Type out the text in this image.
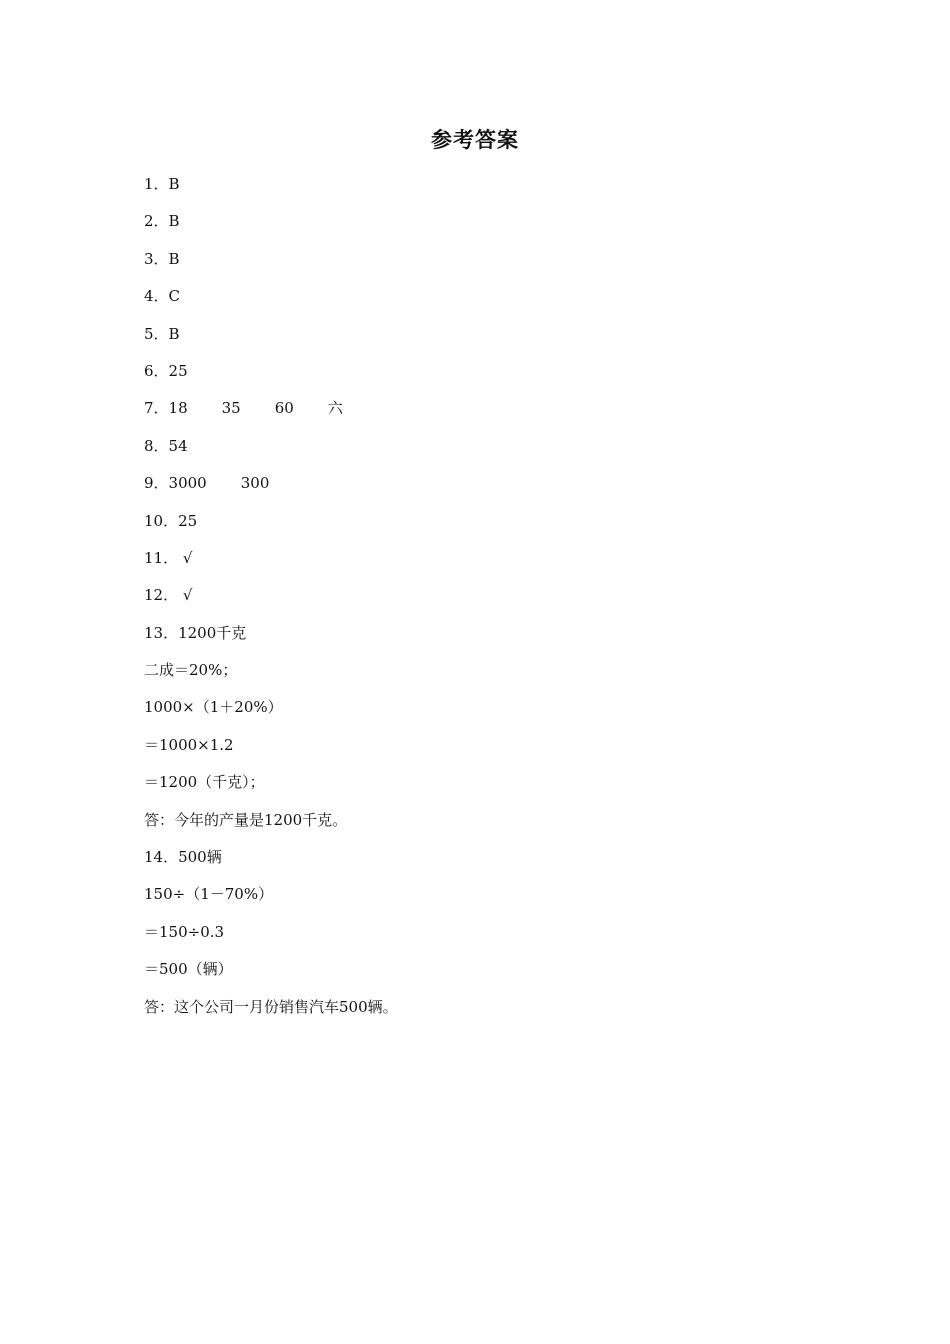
参考答案
1．B
2．B
3．B
4．C
5．B
6．25
7．18 35 60 六
8．54
9．3000 300
10．25
11． √
12． √
13．1200千克
二成＝20%；
1000×（1＋20%）
＝1000×1.2
＝1200（千克）；
答：今年的产量是1200千克。
14．500辆
150÷（1－70%）
＝150÷0.3
＝500（辆）
答：这个公司一月份销售汽车500辆。
